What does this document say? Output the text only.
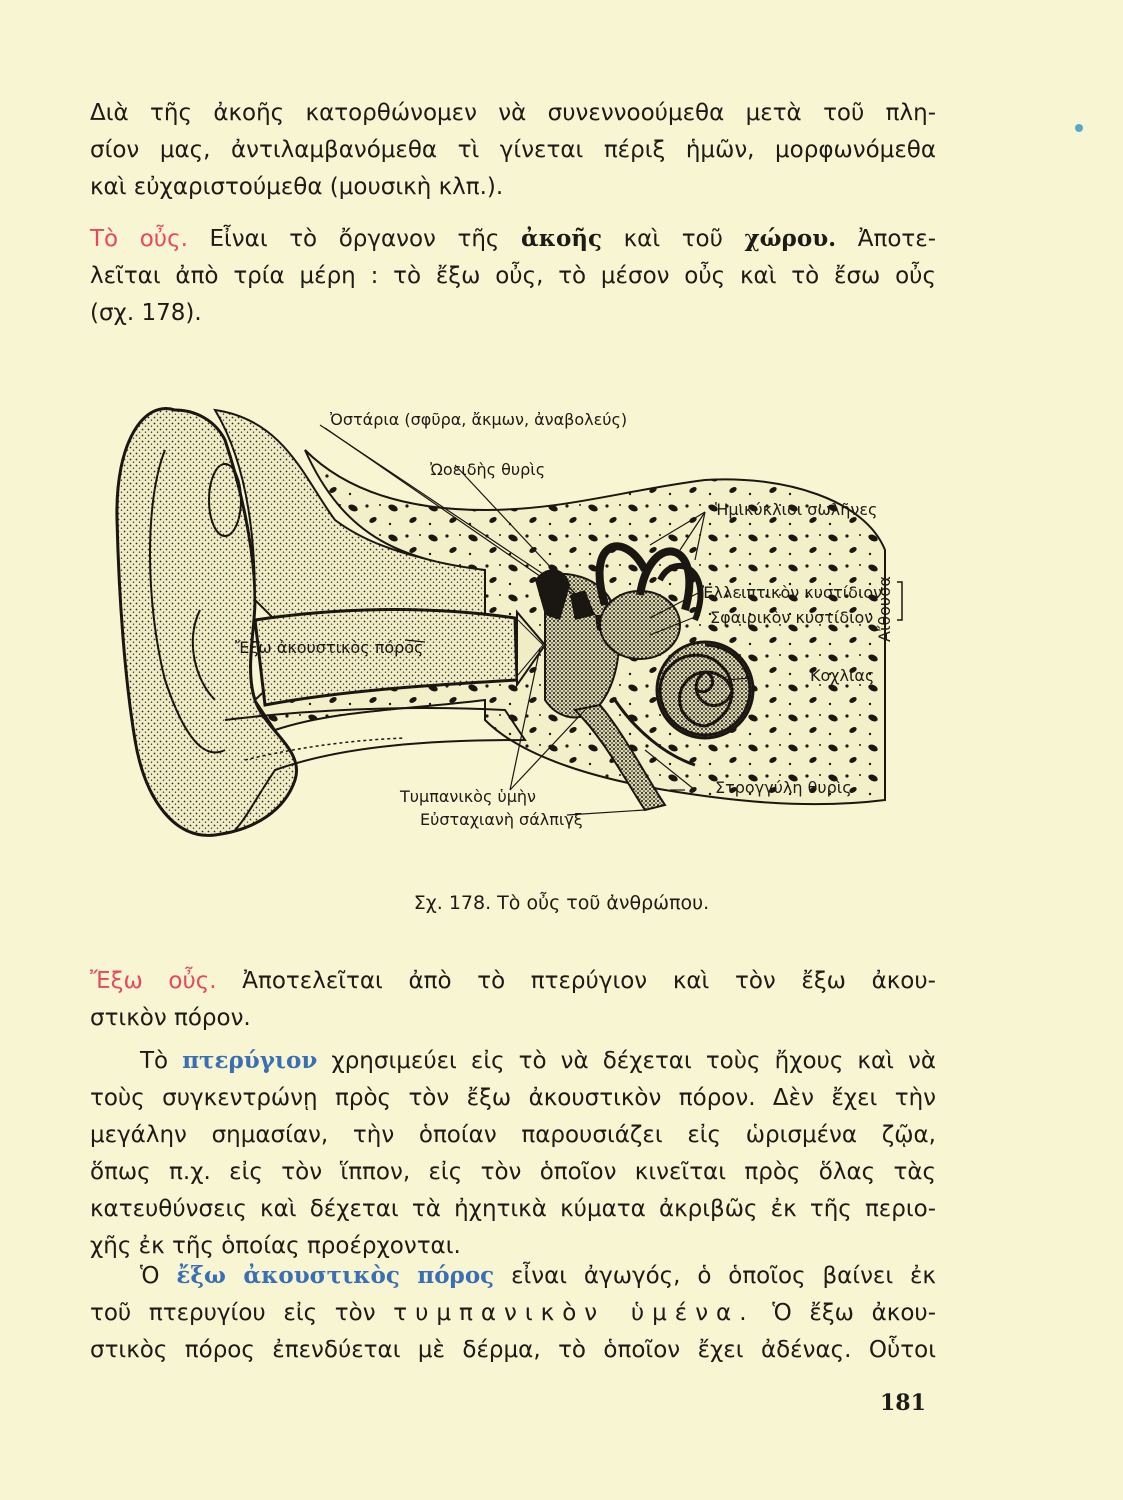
Διὰ τῆς ἀκοῆς κατορθώνομεν νὰ συνεννοούμεθα μετὰ τοῦ πλη-
σίον μας, ἀντιλαμβανόμεθα τὶ γίνεται πέριξ ἡμῶν, μορφωνόμεθα
καὶ εὐχαριστούμεθα (μουσικὴ κλπ.).

Τὸ οὖς. Εἶναι τὸ ὄργανον τῆς ἀκοῆς καὶ τοῦ χώρου. Ἀποτε-
λεῖται ἀπὸ τρία μέρη : τὸ ἔξω οὖς, τὸ μέσον οὖς καὶ τὸ ἔσω οὖς
(σχ. 178).

Ὀστάρια (σφῦρα, ἄκμων, ἀναβολεύς)
Ὠοειδὴς θυρὶς
Ἡμικύκλιοι σωλῆνες
Ἐλλειπτικὸν κυστίδιον
Σφαιρικὸν κυστίδιον Αἴθουσα
Ἔξω ἀκουστικὸς πόρος
Κοχλίας
Στρογγύλη θυρὶς
Τυμπανικὸς ὑμὴν
Εὐσταχιανὴ σάλπιγξ
Σχ. 178. Τὸ οὖς τοῦ ἀνθρώπου.

Ἔξω οὖς. Ἀποτελεῖται ἀπὸ τὸ πτερύγιον καὶ τὸν ἔξω ἀκου-
στικὸν πόρον.

Τὸ πτερύγιον χρησιμεύει εἰς τὸ νὰ δέχεται τοὺς ἤχους καὶ νὰ
τοὺς συγκεντρώνῃ πρὸς τὸν ἔξω ἀκουστικὸν πόρον. Δὲν ἔχει τὴν
μεγάλην σημασίαν, τὴν ὁποίαν παρουσιάζει εἰς ὡρισμένα ζῷα,
ὅπως π.χ. εἰς τὸν ἵππον, εἰς τὸν ὁποῖον κινεῖται πρὸς ὅλας τὰς
κατευθύνσεις καὶ δέχεται τὰ ἠχητικὰ κύματα ἀκριβῶς ἐκ τῆς περιο-
χῆς ἐκ τῆς ὁποίας προέρχονται.

Ὁ ἔξω ἀκουστικὸς πόρος εἶναι ἀγωγός, ὁ ὁποῖος βαίνει ἐκ
τοῦ πτερυγίου εἰς τὸν τυμπανικὸν ὑμένα. Ὁ ἔξω ἀκου-
στικὸς πόρος ἐπενδύεται μὲ δέρμα, τὸ ὁποῖον ἔχει ἀδένας. Οὗτοι

181
